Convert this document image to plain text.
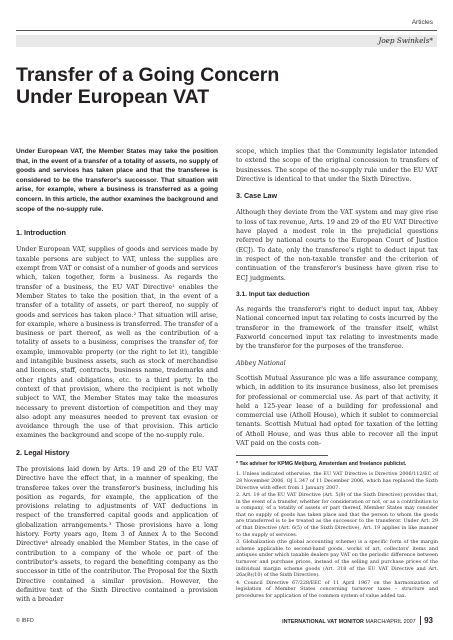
Articles
Joep Swinkels*
Transfer of a Going Concern
Under European VAT

Under European VAT, the Member States may take the position that, in the event of a transfer of a totality of assets, no supply of goods and services has taken place and that the transferee is considered to be the transferor's successor. That situation will arise, for example, where a business is transferred as a going concern. In this article, the author examines the background and scope of the no-supply rule.

1. Introduction

Under European VAT, supplies of goods and services made by taxable persons are subject to VAT, unless the supplies are exempt from VAT or consist of a number of goods and services which, taken together, form a business. As regards the transfer of a business, the EU VAT Directive¹ enables the Member States to take the position that, in the event of a transfer of a totality of assets, or part thereof, no supply of goods and services has taken place.² That situation will arise, for example, where a business is transferred. The transfer of a business or part thereof, as well as the contribution of a totality of assets to a business, comprises the transfer of, for example, immovable property (or the right to let it), tangible and intangible business assets, such as stock of merchandise and licences, staff, contracts, business name, trademarks and other rights and obligations, etc. to a third party. In the context of that provision, where the recipient is not wholly subject to VAT, the Member States may take the measures necessary to prevent distortion of competition and they may also adopt any measures needed to prevent tax evasion or avoidance through the use of that provision. This article examines the background and scope of the no-supply rule.

2. Legal History

The provisions laid down by Arts. 19 and 29 of the EU VAT Directive have the effect that, in a manner of speaking, the transferee takes over the transferor's business, including his position as regards, for example, the application of the provisions relating to adjustments of VAT deductions in respect of the transferred capital goods and application of globalization arrangements.³ Those provisions have a long history. Forty years ago, Item 3 of Annex A to the Second Directive⁴ already enabled the Member States, in the case of contribution to a company of the whole or part of the contributor's assets, to regard the benefiting company as the successor in title of the contributor. The Proposal for the Sixth Directive contained a similar provision. However, the definitive text of the Sixth Directive contained a provision with a broader

scope, which implies that the Community legislator intended to extend the scope of the original concession to transfers of businesses. The scope of the no-supply rule under the EU VAT Directive is identical to that under the Sixth Directive.

3. Case Law

Although they deviate from the VAT system and may give rise to loss of tax revenue, Arts. 19 and 29 of the EU VAT Directive have played a modest role in the prejudicial questions referred by national courts to the European Court of Justice (ECJ). To date, only the transferee's right to deduct input tax in respect of the non-taxable transfer and the criterion of continuation of the transferor's business have given rise to ECJ judgments.

3.1. Input tax deduction

As regards the transferor's right to deduct input tax, Abbey National concerned input tax relating to costs incurred by the transferor in the framework of the transfer itself, whilst Faxworld concerned input tax relating to investments made by the transferor for the purposes of the transferee.

Abbey National

Scottish Mutual Assurance plc was a life assurance company, which, in addition to its insurance business, also let premises for professional or commercial use. As part of that activity, it held a 125-year lease of a building for professional and commercial use (Atholl House), which it sublet to commercial tenants. Scottish Mutual had opted for taxation of the letting of Atholl House, and was thus able to recover all the input VAT paid on the costs con-

* Tax adviser for KPMG Meijburg, Amsterdam and freelance publicist.

1. Unless indicated otherwise, the EU VAT Directive is Directive 2006/112/EC of 28 November 2006, OJ L 347 of 11 December 2006, which has replaced the Sixth Directive with effect from 1 January 2007.

2. Art. 19 of the EU VAT Directive (Art. 5(8) of the Sixth Directive) provides that, in the event of a transfer, whether for consideration or not, or as a contribution to a company, of a totality of assets or part thereof, Member States may consider that no supply of goods has taken place and that the person to whom the goods are transferred is to be treated as the successor to the transferor. Under Art. 29 of that Directive (Art. 6(5) of the Sixth Directive), Art. 19 applies in like manner to the supply of services.

3. Globalization (the global accounting scheme) is a specific form of the margin scheme applicable to second-hand goods, works of art, collectors' items and antiques under which taxable dealers pay VAT on the periodic difference between turnover and purchase prices, instead of the selling and purchase prices of the individual margin scheme goods (Art. 318 of the EU VAT Directive and Art. 26a(B)(10) of the Sixth Directive).

4. Council Directive 67/228/EEC of 11 April 1967 on the harmonization of legislation of Member States concerning turnover taxes – structure and procedures for application of the common system of value added tax.

© IBFD	INTERNATIONAL VAT MONITOR MARCH/APRIL 2007 93
